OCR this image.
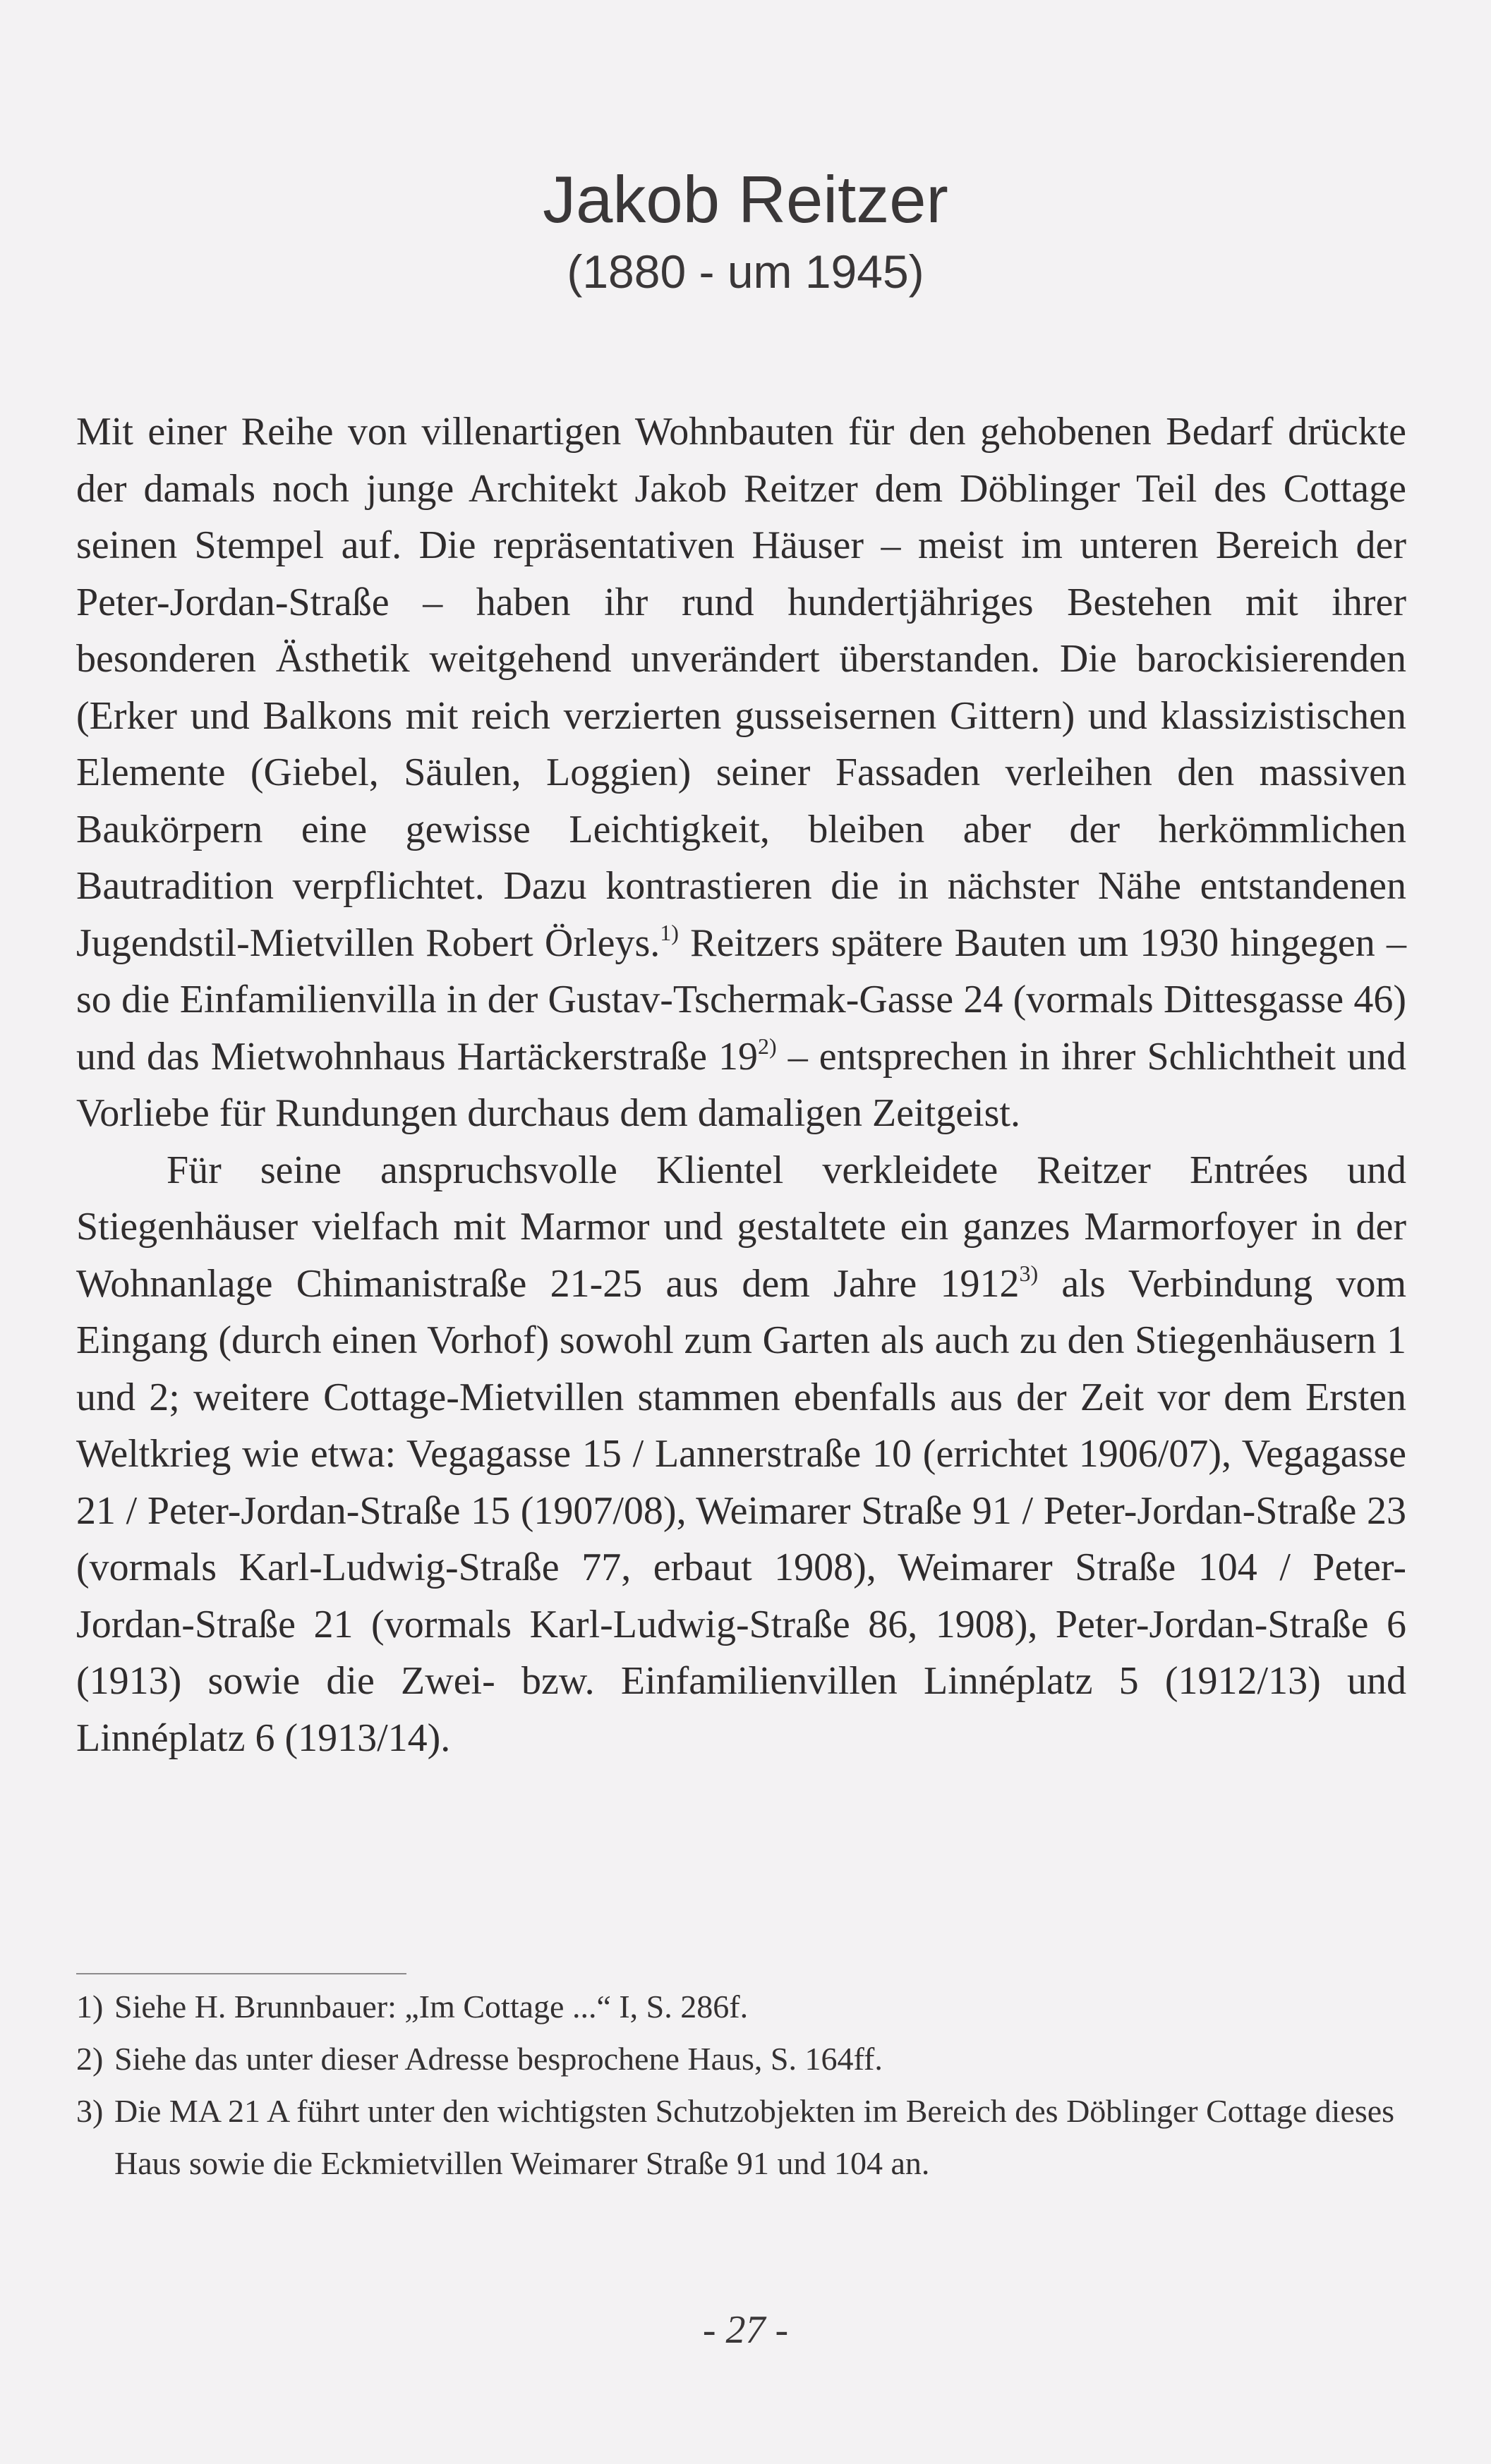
Jakob Reitzer
(1880 - um 1945)

Mit einer Reihe von villenartigen Wohnbauten für den gehobenen Bedarf drückte der damals noch junge Architekt Jakob Reitzer dem Döblinger Teil des Cottage seinen Stempel auf. Die repräsentativen Häuser – meist im unteren Bereich der Peter-Jordan-Straße – haben ihr rund hundertjähriges Bestehen mit ihrer besonderen Ästhetik weitgehend unverändert überstanden. Die barockisierenden (Erker und Balkons mit reich verzierten gusseisernen Gittern) und klassizistischen Elemente (Giebel, Säulen, Loggien) seiner Fassaden verleihen den massiven Baukörpern eine gewisse Leichtigkeit, bleiben aber der herkömmlichen Bautradition verpflichtet. Dazu kontrastieren die in nächster Nähe entstandenen Jugendstil-Mietvillen Robert Örleys.$^{1)}$ Reitzers spätere Bauten um 1930 hingegen – so die Einfamilienvilla in der Gustav-Tschermak-Gasse 24 (vormals Dittesgasse 46) und das Mietwohnhaus Hartäckerstraße 19$^{2)}$ – entsprechen in ihrer Schlichtheit und Vorliebe für Rundungen durchaus dem damaligen Zeitgeist.

Für seine anspruchsvolle Klientel verkleidete Reitzer Entrées und Stiegenhäuser vielfach mit Marmor und gestaltete ein ganzes Marmorfoyer in der Wohnanlage Chimanistraße 21-25 aus dem Jahre 1912$^{3)}$ als Verbindung vom Eingang (durch einen Vorhof) sowohl zum Garten als auch zu den Stiegenhäusern 1 und 2; weitere Cottage-Mietvillen stammen ebenfalls aus der Zeit vor dem Ersten Weltkrieg wie etwa: Vegagasse 15 / Lannerstraße 10 (errichtet 1906/07), Vegagasse 21 / Peter-Jordan-Straße 15 (1907/08), Weimarer Straße 91 / Peter-Jordan-Straße 23 (vormals Karl-Ludwig-Straße 77, erbaut 1908), Weimarer Straße 104 / Peter-Jordan-Straße 21 (vormals Karl-Ludwig-Straße 86, 1908), Peter-Jordan-Straße 6 (1913) sowie die Zwei- bzw. Einfamilienvillen Linnéplatz 5 (1912/13) und Linnéplatz 6 (1913/14).

1) Siehe H. Brunnbauer: „Im Cottage ...“ I, S. 286f.
2) Siehe das unter dieser Adresse besprochene Haus, S. 164ff.
3) Die MA 21 A führt unter den wichtigsten Schutzobjekten im Bereich des Döblinger Cottage dieses Haus sowie die Eckmietvillen Weimarer Straße 91 und 104 an.
- 27 -
